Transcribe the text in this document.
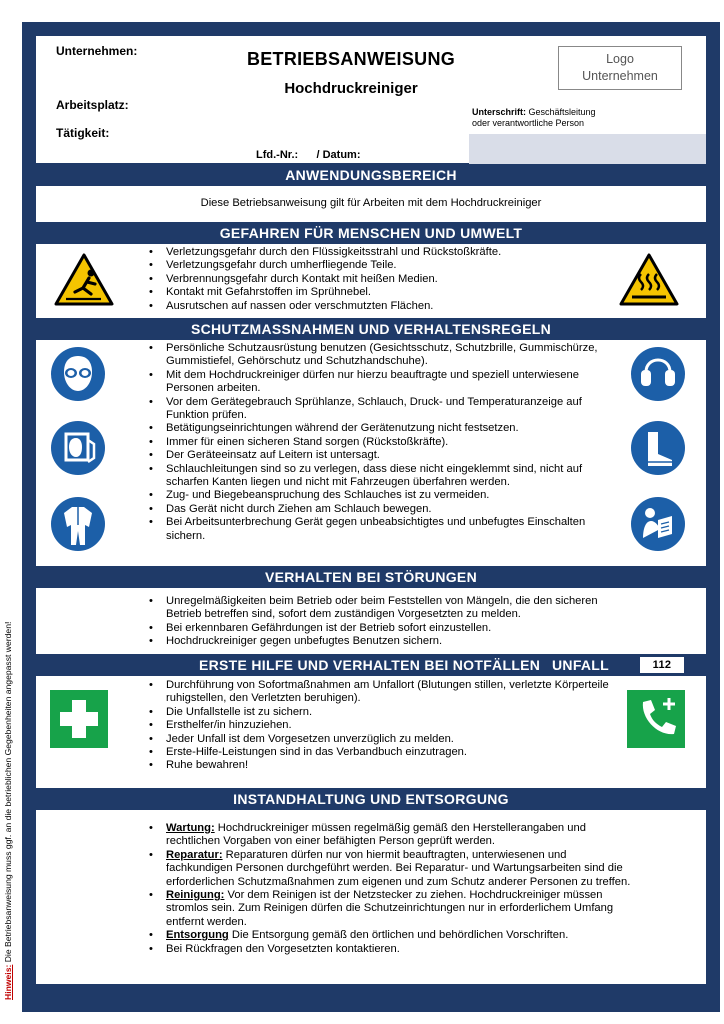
Hinweis: Die Betriebsanweisung muss ggf. an die betrieblichen Gegebenheiten angepasst werden!
Unternehmen:
Arbeitsplatz:
Tätigkeit:
BETRIEBSANWEISUNG
Hochdruckreiniger
Logo
Unternehmen
Unterschrift: Geschäftsleitung
oder verantwortliche Person
Lfd.-Nr.:      / Datum:
ANWENDUNGSBEREICH
Diese Betriebsanweisung gilt für Arbeiten mit dem Hochdruckreiniger
GEFAHREN FÜR MENSCHEN UND UMWELT
• Verletzungsgefahr durch den Flüssigkeitsstrahl und Rückstoßkräfte.
• Verletzungsgefahr durch umherfliegende Teile.
• Verbrennungsgefahr durch Kontakt mit heißen Medien.
• Kontakt mit Gefahrstoffen im Sprühnebel.
• Ausrutschen auf nassen oder verschmutzten Flächen.
SCHUTZMASSNAHMEN UND VERHALTENSREGELN
• Persönliche Schutzausrüstung benutzen (Gesichtsschutz, Schutzbrille, Gummischürze, Gummistiefel, Gehörschutz und Schutzhandschuhe).
• Mit dem Hochdruckreiniger dürfen nur hierzu beauftragte und speziell unterwiesene Personen arbeiten.
• Vor dem Gerätegebrauch Sprühlanze, Schlauch, Druck- und Temperaturanzeige auf Funktion prüfen.
• Betätigungseinrichtungen während der Gerätenutzung nicht festsetzen.
• Immer für einen sicheren Stand sorgen (Rückstoßkräfte).
• Der Geräteeinsatz auf Leitern ist untersagt.
• Schlauchleitungen sind so zu verlegen, dass diese nicht eingeklemmt sind, nicht auf scharfen Kanten liegen und nicht mit Fahrzeugen überfahren werden.
• Zug- und Biegebeanspruchung des Schlauches ist zu vermeiden.
• Das Gerät nicht durch Ziehen am Schlauch bewegen.
• Bei Arbeitsunterbrechung Gerät gegen unbeabsichtigtes und unbefugtes Einschalten sichern.
VERHALTEN BEI STÖRUNGEN
• Unregelmäßigkeiten beim Betrieb oder beim Feststellen von Mängeln, die den sicheren Betrieb betreffen sind, sofort dem zuständigen Vorgesetzten zu melden.
• Bei erkennbaren Gefährdungen ist der Betrieb sofort einzustellen.
• Hochdruckreiniger gegen unbefugtes Benutzen sichern.
ERSTE HILFE UND VERHALTEN BEI NOTFÄLLEN UNFALL	112
• Durchführung von Sofortmaßnahmen am Unfallort (Blutungen stillen, verletzte Körperteile ruhigstellen, den Verletzten beruhigen).
• Die Unfallstelle ist zu sichern.
• Ersthelfer/in hinzuziehen.
• Jeder Unfall ist dem Vorgesetzen unverzüglich zu melden.
• Erste-Hilfe-Leistungen sind in das Verbandbuch einzutragen.
• Ruhe bewahren!
INSTANDHALTUNG UND ENTSORGUNG
• Wartung: Hochdruckreiniger müssen regelmäßig gemäß den Herstellerangaben und rechtlichen Vorgaben von einer befähigten Person geprüft werden.
• Reparatur: Reparaturen dürfen nur von hiermit beauftragten, unterwiesenen und fachkundigen Personen durchgeführt werden. Bei Reparatur- und Wartungsarbeiten sind die erforderlichen Schutzmaßnahmen zum eigenen und zum Schutz anderer Personen zu treffen.
• Reinigung: Vor dem Reinigen ist der Netzstecker zu ziehen. Hochdruckreiniger müssen stromlos sein. Zum Reinigen dürfen die Schutzeinrichtungen nur in erforderlichem Umfang entfernt werden.
• Entsorgung Die Entsorgung gemäß den örtlichen und behördlichen Vorschriften.
• Bei Rückfragen den Vorgesetzten kontaktieren.
